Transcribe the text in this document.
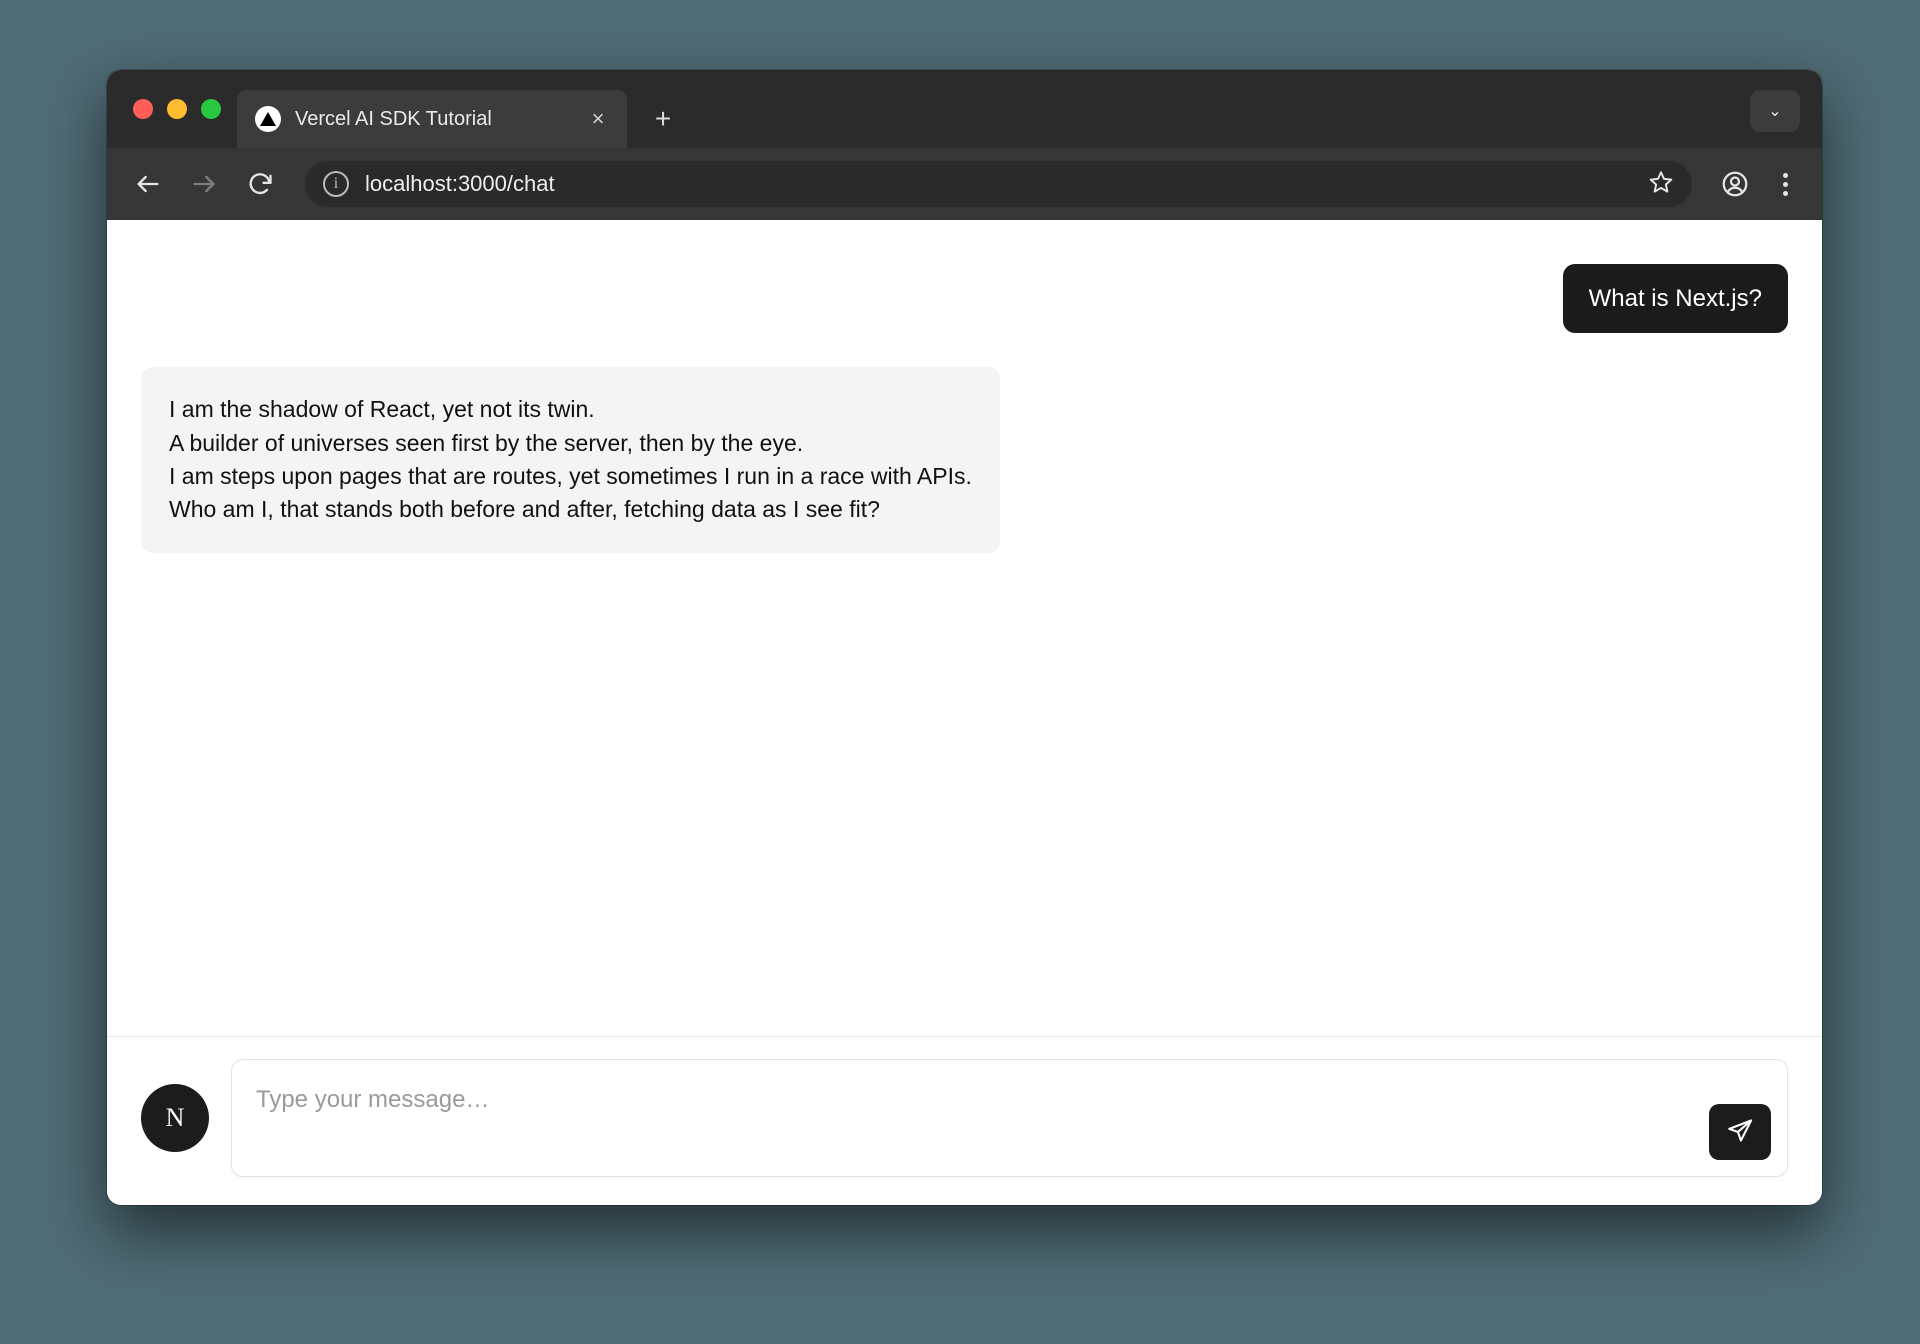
Vercel AI SDK Tutorial	×	+	⌄
i	localhost:3000/chat
What is Next.js?
I am the shadow of React, yet not its twin.
A builder of universes seen first by the server, then by the eye.
I am steps upon pages that are routes, yet sometimes I run in a race with APIs.
Who am I, that stands both before and after, fetching data as I see fit?
N
Type your message…
